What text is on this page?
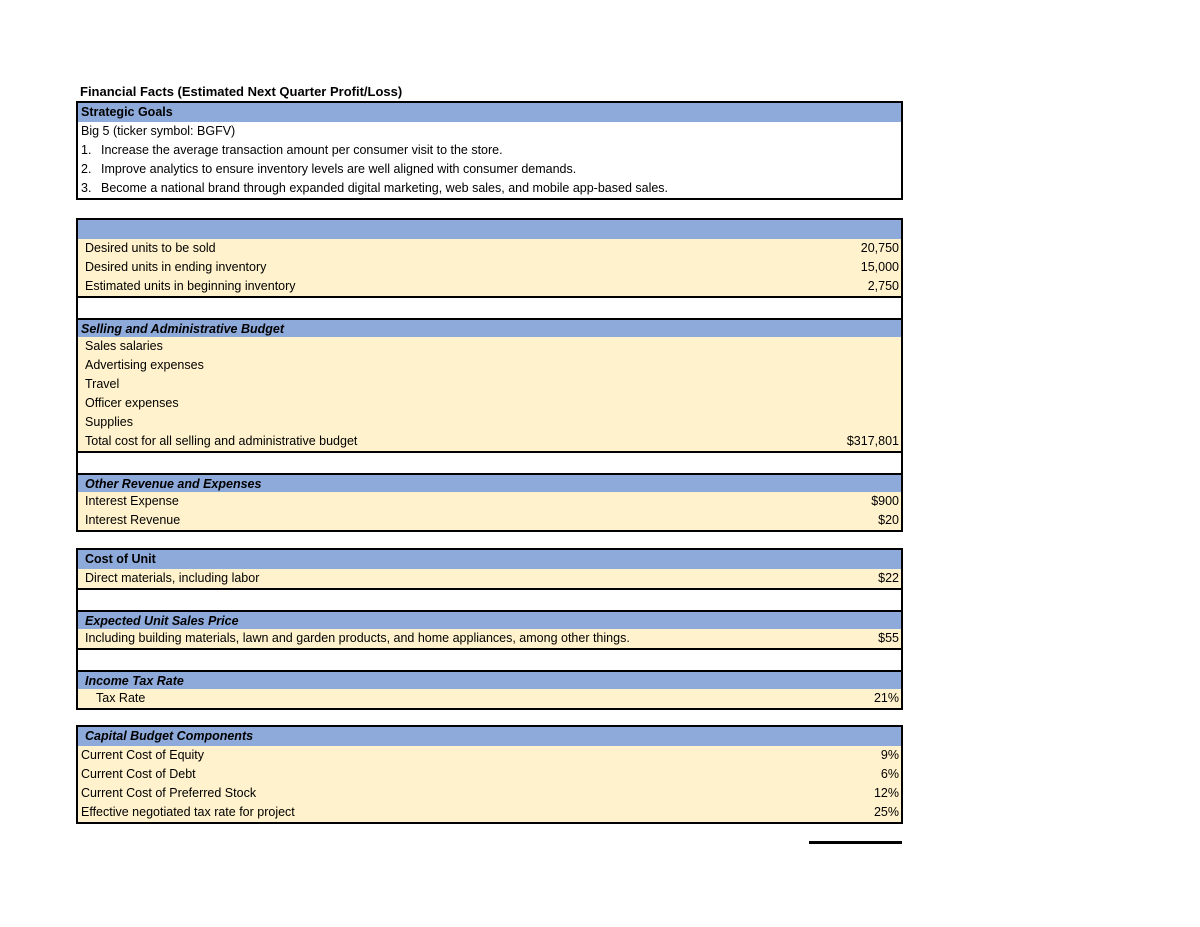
Financial Facts (Estimated Next Quarter Profit/Loss)
Strategic Goals
Big 5 (ticker symbol: BGFV)
1. Increase the average transaction amount per consumer visit to the store.
2. Improve analytics to ensure inventory levels are well aligned with consumer demands.
3. Become a national brand through expanded digital marketing, web sales, and mobile app-based sales.
Desired units to be sold	20,750
Desired units in ending inventory	15,000
Estimated units in beginning inventory	2,750
Selling and Administrative Budget
Sales salaries
Advertising expenses
Travel
Officer expenses
Supplies
Total cost for all selling and administrative budget	$317,801
Other Revenue and Expenses
Interest Expense	$900
Interest Revenue	$20
Cost of Unit
Direct materials, including labor	$22
Expected Unit Sales Price
Including building materials, lawn and garden products, and home appliances, among other things.	$55
Income Tax Rate
Tax Rate	21%
Capital Budget Components
Current Cost of Equity	9%
Current Cost of Debt	6%
Current Cost of Preferred Stock	12%
Effective negotiated tax rate for project	25%
